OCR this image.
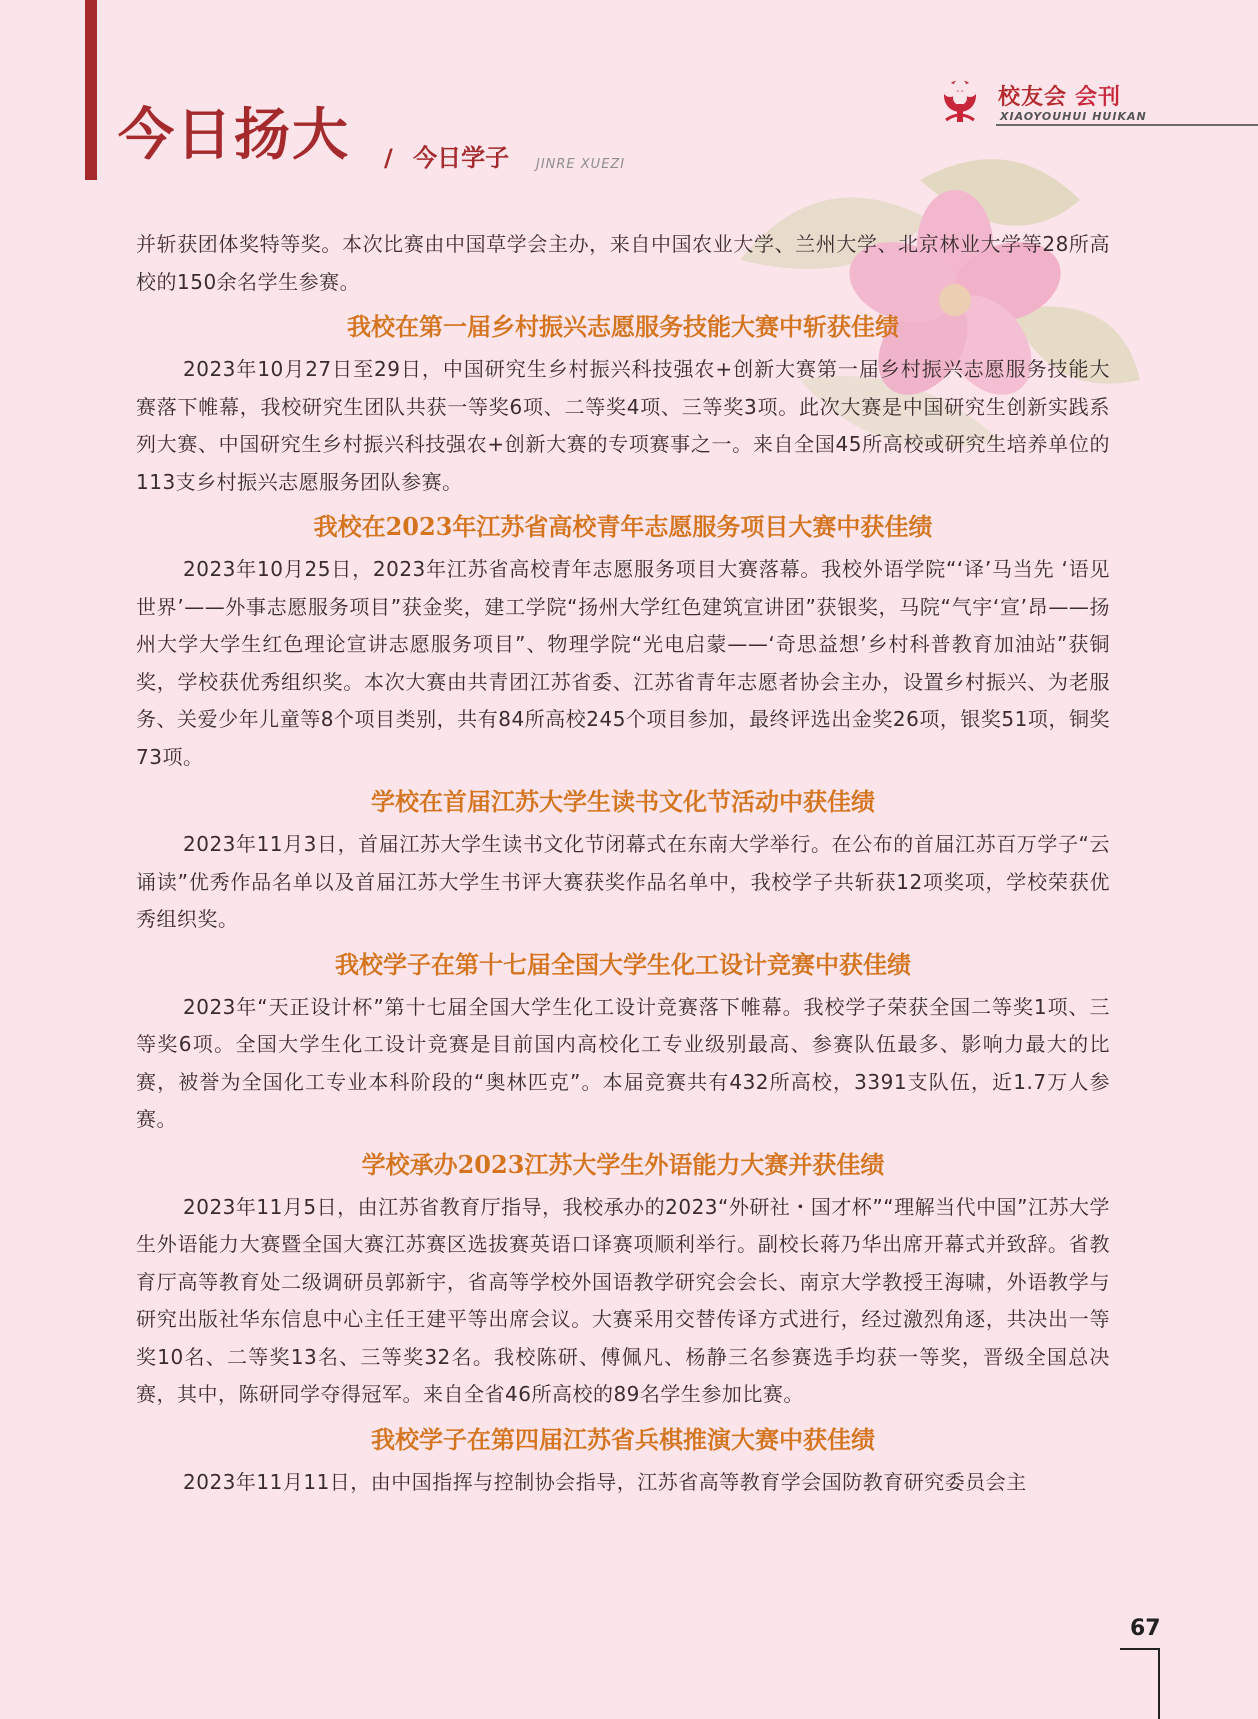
今日扬大 / 今日学子 JINRE XUEZI
校友会 会刊
XIAOYOUHUI HUIKAN

并斩获团体奖特等奖。本次比赛由中国草学会主办，来自中国农业大学、兰州大学、北京林业大学等28所高校的150余名学生参赛。

我校在第一届乡村振兴志愿服务技能大赛中斩获佳绩

2023年10月27日至29日，中国研究生乡村振兴科技强农+创新大赛第一届乡村振兴志愿服务技能大赛落下帷幕，我校研究生团队共获一等奖6项、二等奖4项、三等奖3项。此次大赛是中国研究生创新实践系列大赛、中国研究生乡村振兴科技强农+创新大赛的专项赛事之一。来自全国45所高校或研究生培养单位的113支乡村振兴志愿服务团队参赛。

我校在2023年江苏省高校青年志愿服务项目大赛中获佳绩

2023年10月25日，2023年江苏省高校青年志愿服务项目大赛落幕。我校外语学院“‘译’马当先 ‘语见世界’——外事志愿服务项目”获金奖，建工学院“扬州大学红色建筑宣讲团”获银奖，马院“气宇‘宣’昂——扬州大学大学生红色理论宣讲志愿服务项目”、物理学院“光电启蒙——‘奇思益想’乡村科普教育加油站”获铜奖，学校获优秀组织奖。本次大赛由共青团江苏省委、江苏省青年志愿者协会主办，设置乡村振兴、为老服务、关爱少年儿童等8个项目类别，共有84所高校245个项目参加，最终评选出金奖26项，银奖51项，铜奖73项。

学校在首届江苏大学生读书文化节活动中获佳绩

2023年11月3日，首届江苏大学生读书文化节闭幕式在东南大学举行。在公布的首届江苏百万学子“云诵读”优秀作品名单以及首届江苏大学生书评大赛获奖作品名单中，我校学子共斩获12项奖项，学校荣获优秀组织奖。

我校学子在第十七届全国大学生化工设计竞赛中获佳绩

2023年“天正设计杯”第十七届全国大学生化工设计竞赛落下帷幕。我校学子荣获全国二等奖1项、三等奖6项。全国大学生化工设计竞赛是目前国内高校化工专业级别最高、参赛队伍最多、影响力最大的比赛，被誉为全国化工专业本科阶段的“奥林匹克”。本届竞赛共有432所高校，3391支队伍，近1.7万人参赛。

学校承办2023江苏大学生外语能力大赛并获佳绩

2023年11月5日，由江苏省教育厅指导，我校承办的2023“外研社・国才杯”“理解当代中国”江苏大学生外语能力大赛暨全国大赛江苏赛区选拔赛英语口译赛项顺利举行。副校长蒋乃华出席开幕式并致辞。省教育厅高等教育处二级调研员郭新宇，省高等学校外国语教学研究会会长、南京大学教授王海啸，外语教学与研究出版社华东信息中心主任王建平等出席会议。大赛采用交替传译方式进行，经过激烈角逐，共决出一等奖10名、二等奖13名、三等奖32名。我校陈研、傅佩凡、杨静三名参赛选手均获一等奖，晋级全国总决赛，其中，陈研同学夺得冠军。来自全省46所高校的89名学生参加比赛。

我校学子在第四届江苏省兵棋推演大赛中获佳绩

2023年11月11日，由中国指挥与控制协会指导，江苏省高等教育学会国防教育研究委员会主

67
